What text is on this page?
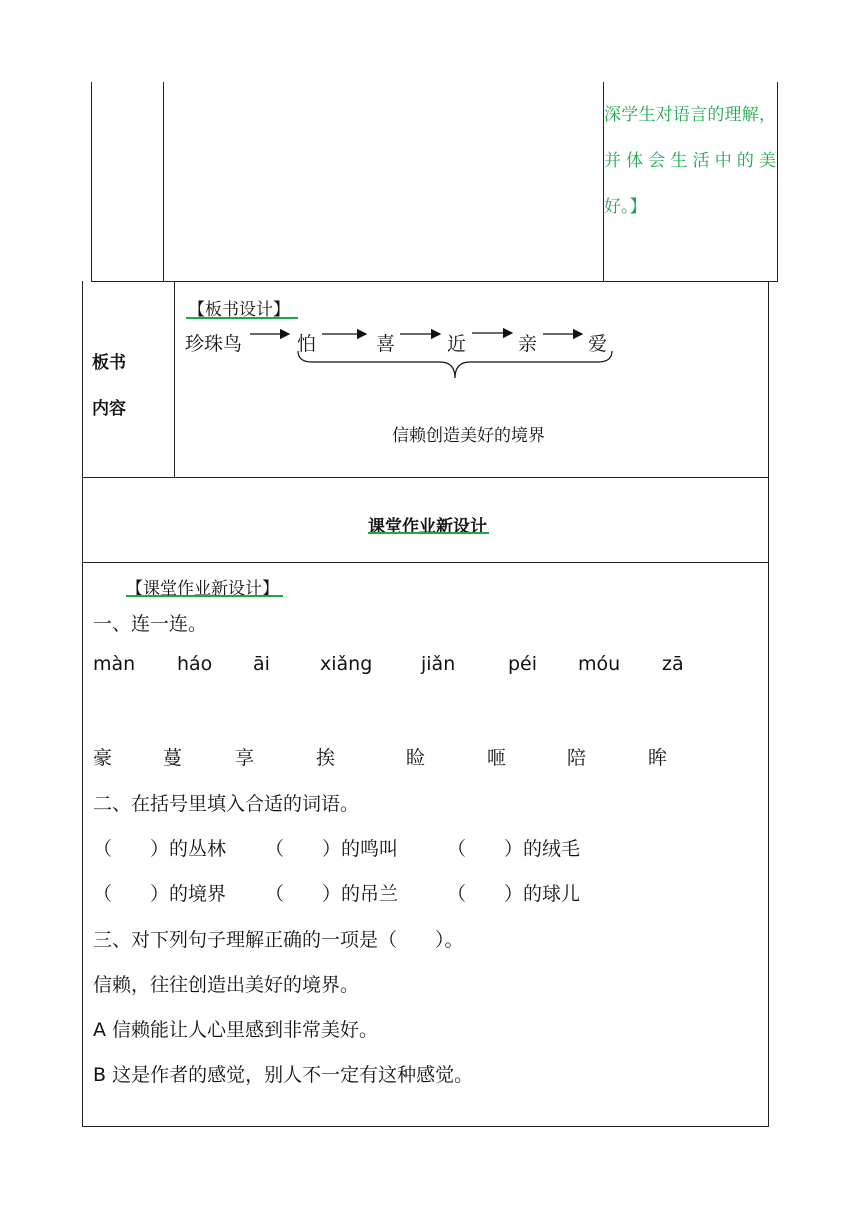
深学生对语言的理解，
并体会生活中的美
好。】
板书
内容
【板书设计】
珍珠鸟	怕	喜	近	亲	爱
信赖创造美好的境界
课堂作业新设计
【课堂作业新设计】
一、连一连。
màn háo āi	xiǎng	jiǎn	péi móu zā
豪	蔓	享	挨	睑	咂	陪	眸
二、在括号里填入合适的词语。
（　　）的丛林 （　　）的鸣叫	（　　）的绒毛
（　　）的境界 （　　）的吊兰	（　　）的球儿
三、对下列句子理解正确的一项是（　　）。
信赖，往往创造出美好的境界。
A 信赖能让人心里感到非常美好。
B 这是作者的感觉，别人不一定有这种感觉。
